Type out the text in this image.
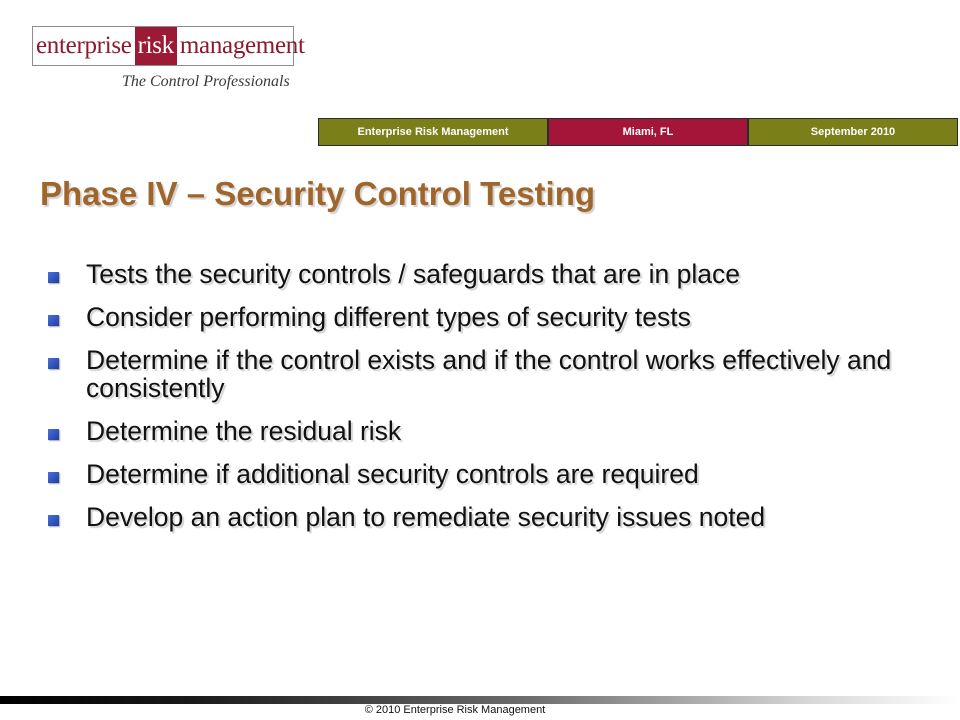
enterprise risk management
The Control Professionals
Enterprise Risk Management	Miami, FL	September 2010
Phase IV – Security Control Testing
Tests the security controls / safeguards that are in place
Consider performing different types of security tests
Determine if the control exists and if the control works effectively and consistently
Determine the residual risk
Determine if additional security controls are required
Develop an action plan to remediate security issues noted
© 2010 Enterprise Risk Management
